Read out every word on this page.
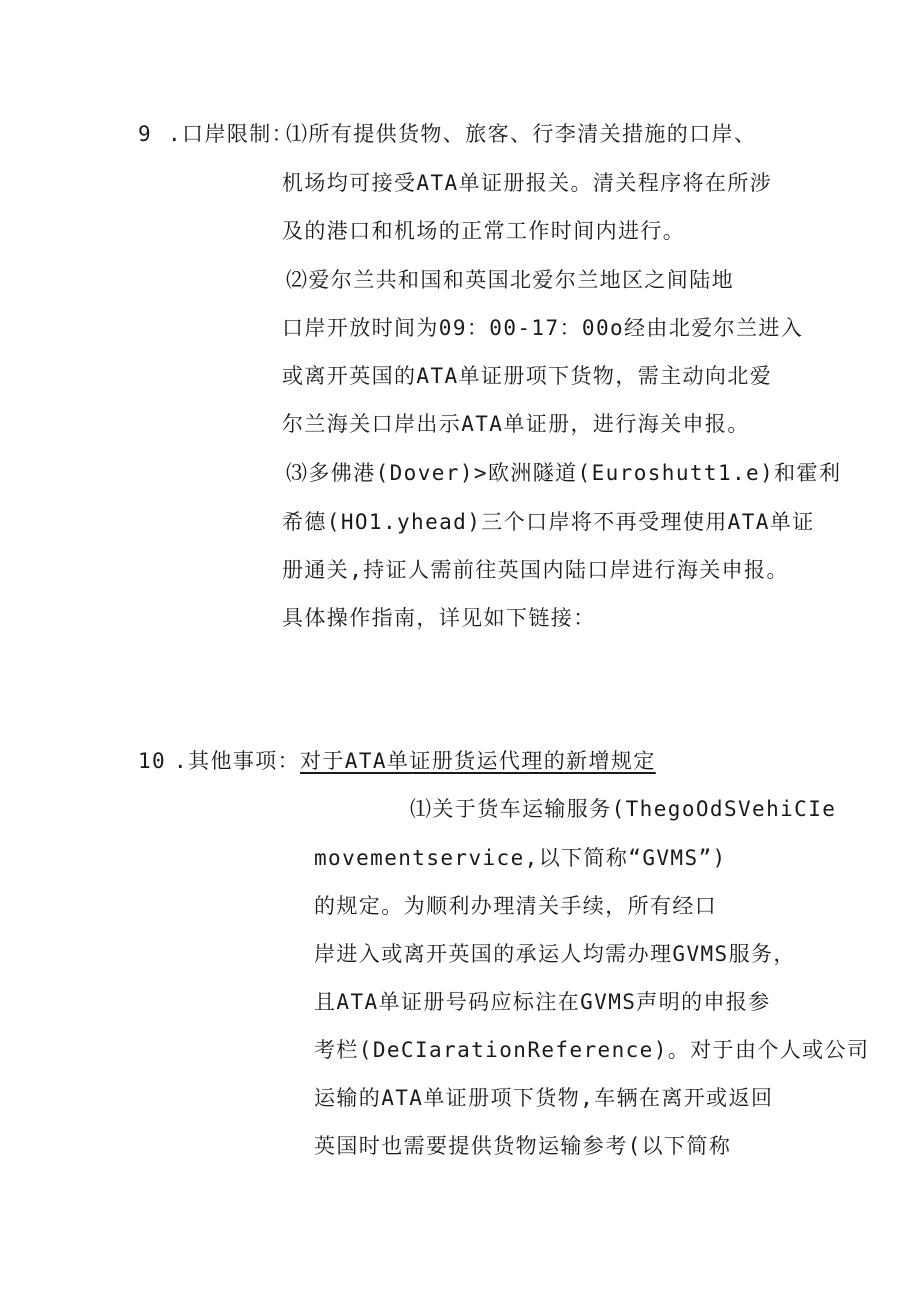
9 .口岸限制：
⑴所有提供货物、旅客、行李清关措施的口岸、
机场均可接受ATA单证册报关。清关程序将在所涉
及的港口和机场的正常工作时间内进行。
⑵爱尔兰共和国和英国北爱尔兰地区之间陆地
口岸开放时间为09：00-17：00o经由北爱尔兰进入
或离开英国的ATA单证册项下货物，需主动向北爱
尔兰海关口岸出示ATA单证册，进行海关申报。
⑶多佛港(Dover)>欧洲隧道(Euroshutt1.e)和霍利
希德(HO1.yhead)三个口岸将不再受理使用ATA单证
册通关,持证人需前往英国内陆口岸进行海关申报。
具体操作指南，详见如下链接：
10 .其他事项： 对于ATA单证册货运代理的新增规定
⑴关于货车运输服务(ThegoOdSVehiCIe
movementservice,以下简称“GVMS”)
的规定。为顺利办理清关手续，所有经口
岸进入或离开英国的承运人均需办理GVMS服务，
且ATA单证册号码应标注在GVMS声明的申报参
考栏(DeCIarationReference)。对于由个人或公司
运输的ATA单证册项下货物,车辆在离开或返回
英国时也需要提供货物运输参考(以下简称
